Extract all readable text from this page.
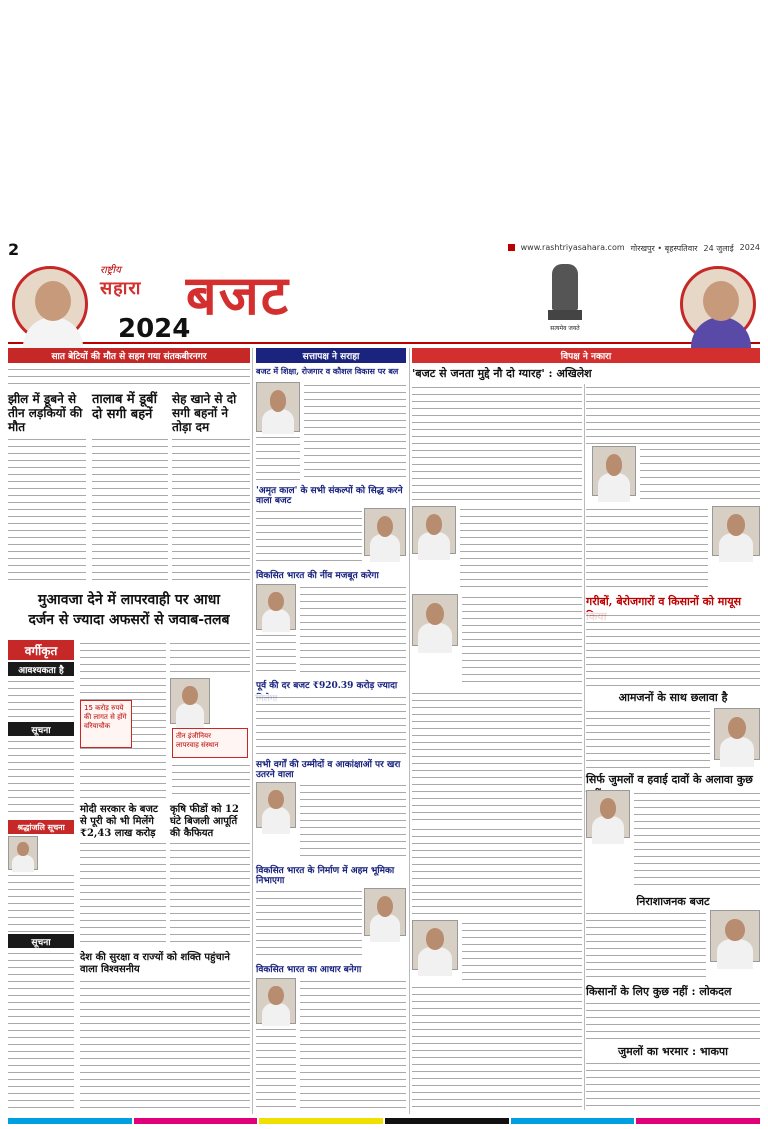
2	www.rashtriyasahara.com गोरखपुर • बृहस्पतिवार 24 जुलाई 2024
राष्ट्रीय
सहारा बजट
2024	सत्यमेव जयते
सात बेटियों की मौत से सहम गया संतकबीरनगर	सत्तापक्ष ने सराहा	विपक्ष ने नकारा
झील में डूबने से तीन लड़कियों की मौत
तालाब में डूबीं दो सगी बहनें
सेह खाने से दो सगी बहनों ने तोड़ा दम
मुआवजा देने में लापरवाही पर आधा
दर्जन से ज्यादा अफसरों से जवाब-तलब
वर्गीकृत
आवश्यकता है
सूचना
15 करोड़ रुपये की लागत से होंगे वरियाचौक
तीन इंजीनियर
लापरवाह संस्थान
मोदी सरकार के बजट से पूरी को भी मिलेंगे ₹2,43 लाख करोड़
कृषि फीडों को 12 घंटे बिजली आपूर्ति की कैफियत
श्रद्धांजलि सूचना
सूचना
देश की सुरक्षा व राज्यों को शक्ति पहुंचाने वाला विश्वसनीय
बजट में शिक्षा, रोजगार व कौशल विकास पर बल
'अमृत काल' के सभी संकल्पों को सिद्ध करने वाला बजट
विकसित भारत की नींव मजबूत करेगा
पूर्व की दर बजट ₹920.39 करोड़ ज्यादा
सभी वर्गों की उम्मीदों व आकांक्षाओं पर खरा उतरने वाला
विकसित भारत के निर्माण में अहम भूमिका निभाएगा
विकसित भारत का आधार बनेगा
'बजट से जनता मुद्दे नौ दो ग्यारह' : अखिलेश
गरीबों, बेरोजगारों व किसानों को मायूस
आमजनों के साथ छलावा है
सिर्फ जुमलों व हवाई दावों के अलावा कुछ
निराशाजनक बजट
किसानों के लिए कुछ नहीं : लोकदल
जुमलों का भरमार : भाकपा
